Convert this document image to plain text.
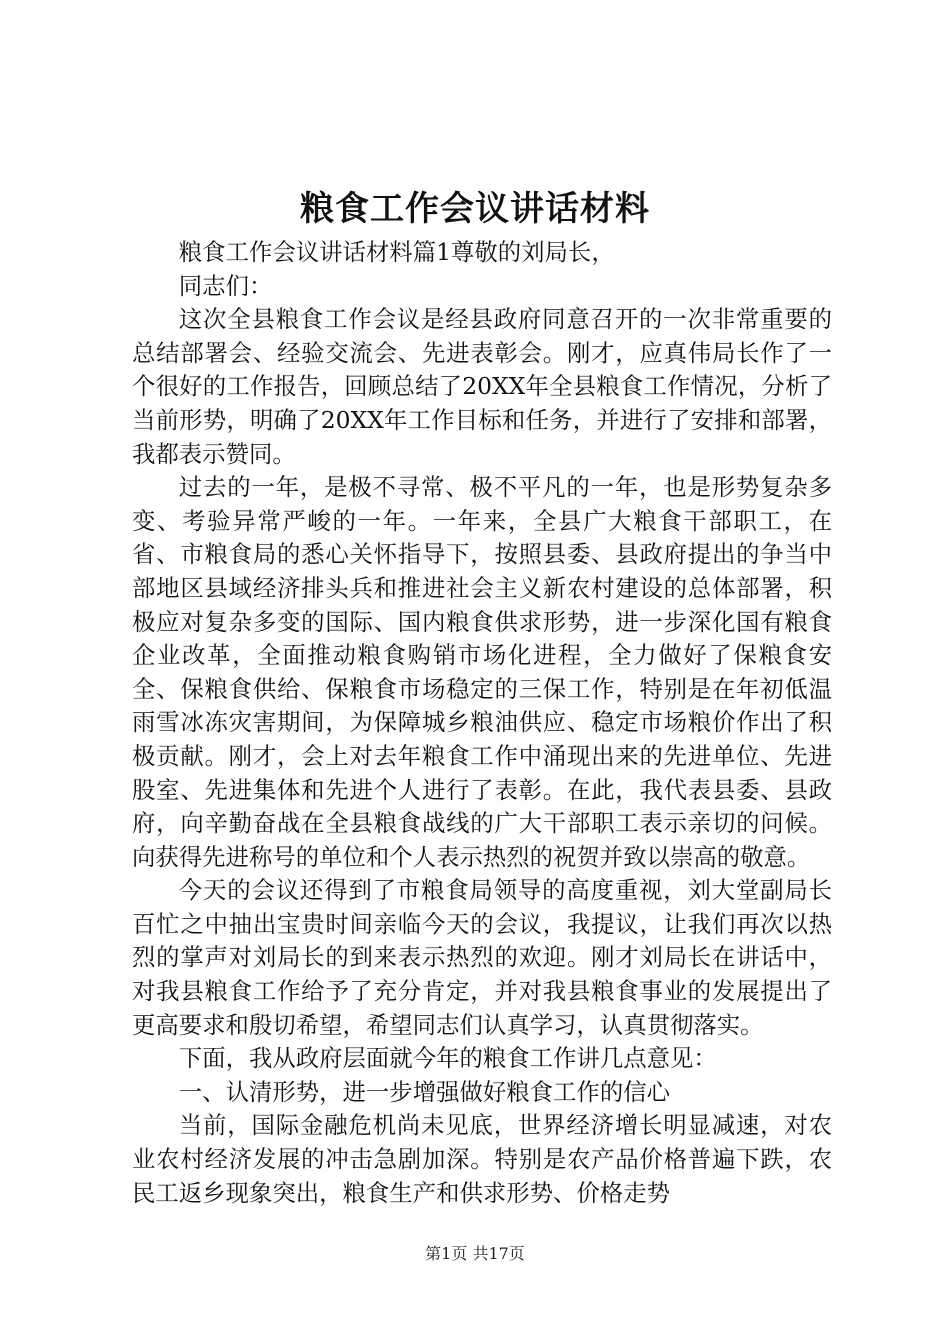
粮食工作会议讲话材料

粮食工作会议讲话材料篇1尊敬的刘局长，

同志们：

这次全县粮食工作会议是经县政府同意召开的一次非常重要的总结部署会、经验交流会、先进表彰会。刚才，应真伟局长作了一个很好的工作报告，回顾总结了20XX年全县粮食工作情况，分析了当前形势，明确了20XX年工作目标和任务，并进行了安排和部署，我都表示赞同。

过去的一年，是极不寻常、极不平凡的一年，也是形势复杂多变、考验异常严峻的一年。一年来，全县广大粮食干部职工，在省、市粮食局的悉心关怀指导下，按照县委、县政府提出的争当中部地区县域经济排头兵和推进社会主义新农村建设的总体部署，积极应对复杂多变的国际、国内粮食供求形势，进一步深化国有粮食企业改革，全面推动粮食购销市场化进程，全力做好了保粮食安全、保粮食供给、保粮食市场稳定的三保工作，特别是在年初低温雨雪冰冻灾害期间，为保障城乡粮油供应、稳定市场粮价作出了积极贡献。刚才，会上对去年粮食工作中涌现出来的先进单位、先进股室、先进集体和先进个人进行了表彰。在此，我代表县委、县政府，向辛勤奋战在全县粮食战线的广大干部职工表示亲切的问候。向获得先进称号的单位和个人表示热烈的祝贺并致以崇高的敬意。

今天的会议还得到了市粮食局领导的高度重视，刘大堂副局长百忙之中抽出宝贵时间亲临今天的会议，我提议，让我们再次以热烈的掌声对刘局长的到来表示热烈的欢迎。刚才刘局长在讲话中，对我县粮食工作给予了充分肯定，并对我县粮食事业的发展提出了更高要求和殷切希望，希望同志们认真学习，认真贯彻落实。

下面，我从政府层面就今年的粮食工作讲几点意见：

一、认清形势，进一步增强做好粮食工作的信心

当前，国际金融危机尚未见底，世界经济增长明显减速，对农业农村经济发展的冲击急剧加深。特别是农产品价格普遍下跌，农民工返乡现象突出，粮食生产和供求形势、价格走势

第1页 共17页
